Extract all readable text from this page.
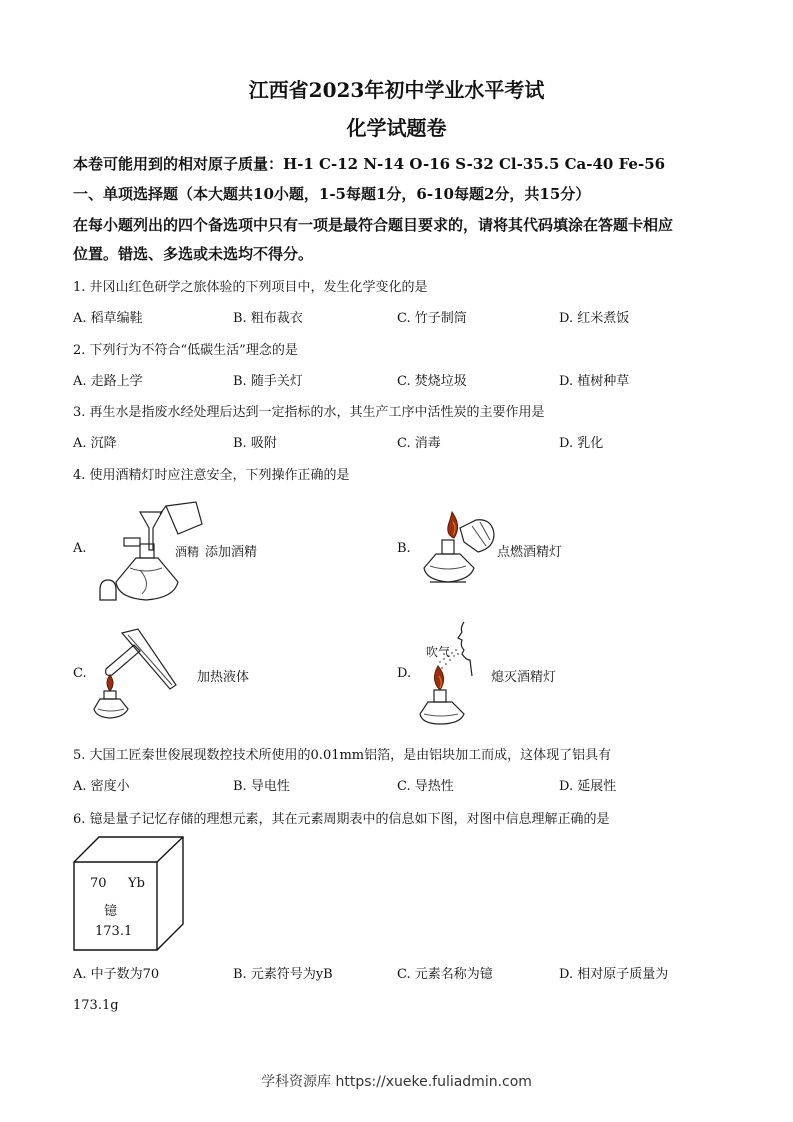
江西省2023年初中学业水平考试
化学试题卷
本卷可能用到的相对原子质量：H-1 C-12 N-14 O-16 S-32 Cl-35.5 Ca-40 Fe-56
一、单项选择题（本大题共10小题，1-5每题1分，6-10每题2分，共15分）
在每小题列出的四个备选项中只有一项是最符合题目要求的，请将其代码填涂在答题卡相应
位置。错选、多选或未选均不得分。
1. 井冈山红色研学之旅体验的下列项目中，发生化学变化的是
A. 稻草编鞋	B. 粗布裁衣	C. 竹子制筒	D. 红米煮饭
2. 下列行为不符合“低碳生活”理念的是
A. 走路上学	B. 随手关灯	C. 焚烧垃圾	D. 植树种草
3. 再生水是指废水经处理后达到一定指标的水，其生产工序中活性炭的主要作用是
A. 沉降	B. 吸附	C. 消毒	D. 乳化
4. 使用酒精灯时应注意安全，下列操作正确的是
A.	酒精 添加酒精	B.	点燃酒精灯
C.	加热液体	D.
吹气
熄灭酒精灯
5. 大国工匠秦世俊展现数控技术所使用的0.01mm铝箔，是由铝块加工而成，这体现了铝具有
A. 密度小	B. 导电性	C. 导热性	D. 延展性
6. 镱是量子记忆存储的理想元素，其在元素周期表中的信息如下图，对图中信息理解正确的是
70 Yb
镱
173.1
A. 中子数为70	B. 元素符号为yB	C. 元素名称为镱	D. 相对原子质量为
173.1g
学科资源库 https://xueke.fuliadmin.com
